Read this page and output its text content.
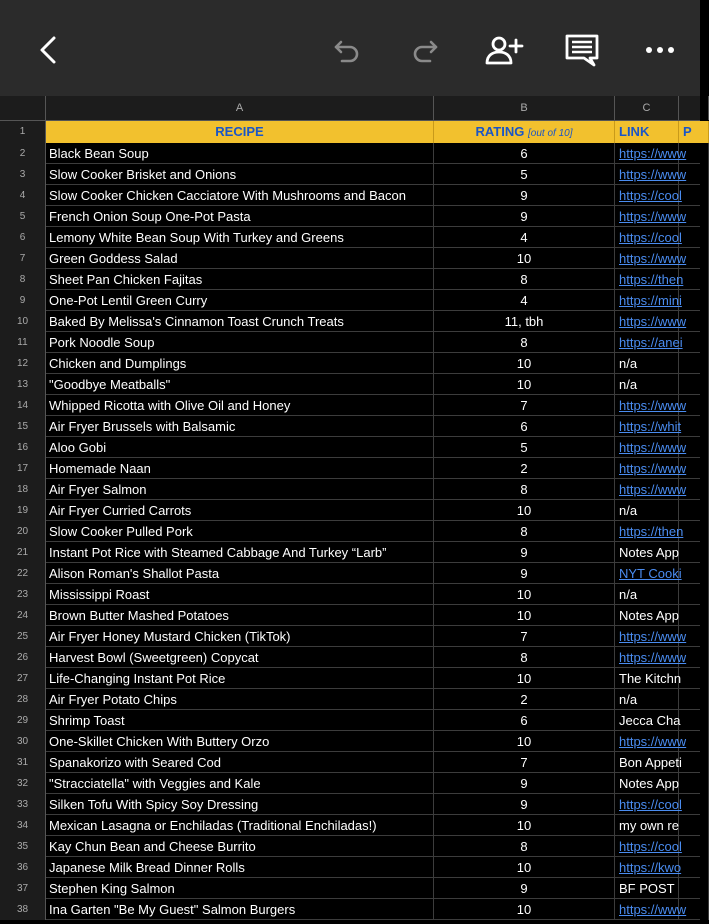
A	B	C
1	RECIPE	RATING [out of 10]	LINK	P
2	Black Bean Soup	6	https://www
3	Slow Cooker Brisket and Onions	5	https://www
4	Slow Cooker Chicken Cacciatore With Mushrooms and Bacon	9	https://cool
5	French Onion Soup One-Pot Pasta	9	https://www
6	Lemony White Bean Soup With Turkey and Greens	4	https://cool
7	Green Goddess Salad	10	https://www
8	Sheet Pan Chicken Fajitas	8	https://then
9	One-Pot Lentil Green Curry	4	https://mini
10	Baked By Melissa's Cinnamon Toast Crunch Treats	11, tbh	https://www
11	Pork Noodle Soup	8	https://anei
12	Chicken and Dumplings	10	n/a
13	"Goodbye Meatballs"	10	n/a
14	Whipped Ricotta with Olive Oil and Honey	7	https://www
15	Air Fryer Brussels with Balsamic	6	https://whit
16	Aloo Gobi	5	https://www
17	Homemade Naan	2	https://www
18	Air Fryer Salmon	8	https://www
19	Air Fryer Curried Carrots	10	n/a
20	Slow Cooker Pulled Pork	8	https://then
21	Instant Pot Rice with Steamed Cabbage And Turkey “Larb”	9	Notes App
22	Alison Roman's Shallot Pasta	9	NYT Cooki
23	Mississippi Roast	10	n/a
24	Brown Butter Mashed Potatoes	10	Notes App
25	Air Fryer Honey Mustard Chicken (TikTok)	7	https://www
26	Harvest Bowl (Sweetgreen) Copycat	8	https://www
27	Life-Changing Instant Pot Rice	10	The Kitchn
28	Air Fryer Potato Chips	2	n/a
29	Shrimp Toast	6	Jecca Cha
30	One-Skillet Chicken With Buttery Orzo	10	https://www
31	Spanakorizo with Seared Cod	7	Bon Appeti
32	"Stracciatella" with Veggies and Kale	9	Notes App
33	Silken Tofu With Spicy Soy Dressing	9	https://cool
34	Mexican Lasagna or Enchiladas (Traditional Enchiladas!)	10	my own re
35	Kay Chun Bean and Cheese Burrito	8	https://cool
36	Japanese Milk Bread Dinner Rolls	10	https://kwo
37	Stephen King Salmon	9	BF POST
38	Ina Garten "Be My Guest" Salmon Burgers	10	https://www
